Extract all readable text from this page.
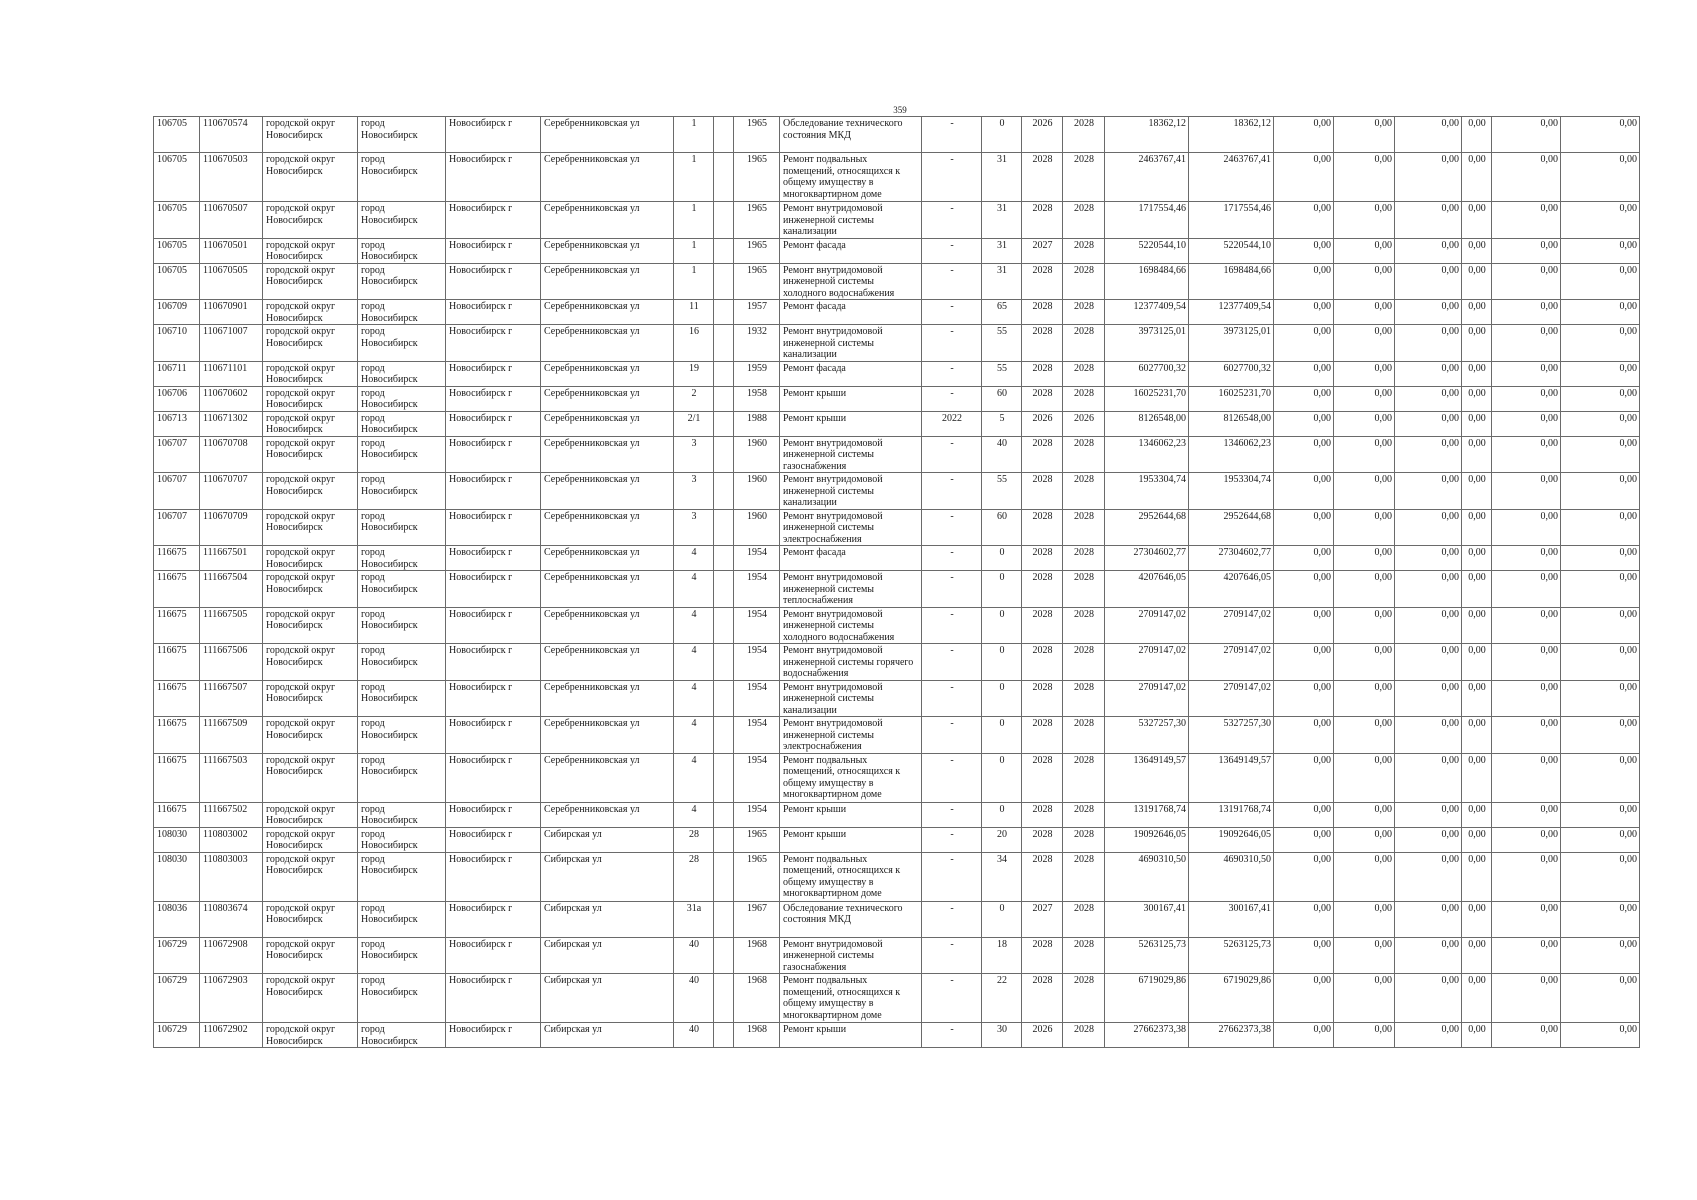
359
106705	110670574	городской округ Новосибирск	город Новосибирск	Новосибирск г	Серебренниковская ул	1		1965	Обследование технического состояния МКД	-	0	2026	2028	18362,12	18362,12	0,00	0,00	0,00	0,00	0,00	0,00
106705	110670503	городской округ Новосибирск	город Новосибирск	Новосибирск г	Серебренниковская ул	1		1965	Ремонт подвальных помещений, относящихся к общему имуществу в многоквартирном доме	-	31	2028	2028	2463767,41	2463767,41	0,00	0,00	0,00	0,00	0,00	0,00
106705	110670507	городской округ Новосибирск	город Новосибирск	Новосибирск г	Серебренниковская ул	1		1965	Ремонт внутридомовой инженерной системы канализации	-	31	2028	2028	1717554,46	1717554,46	0,00	0,00	0,00	0,00	0,00	0,00
106705	110670501	городской округ Новосибирск	город Новосибирск	Новосибирск г	Серебренниковская ул	1		1965	Ремонт фасада	-	31	2027	2028	5220544,10	5220544,10	0,00	0,00	0,00	0,00	0,00	0,00
106705	110670505	городской округ Новосибирск	город Новосибирск	Новосибирск г	Серебренниковская ул	1		1965	Ремонт внутридомовой инженерной системы холодного водоснабжения	-	31	2028	2028	1698484,66	1698484,66	0,00	0,00	0,00	0,00	0,00	0,00
106709	110670901	городской округ Новосибирск	город Новосибирск	Новосибирск г	Серебренниковская ул	11		1957	Ремонт фасада	-	65	2028	2028	12377409,54	12377409,54	0,00	0,00	0,00	0,00	0,00	0,00
106710	110671007	городской округ Новосибирск	город Новосибирск	Новосибирск г	Серебренниковская ул	16		1932	Ремонт внутридомовой инженерной системы канализации	-	55	2028	2028	3973125,01	3973125,01	0,00	0,00	0,00	0,00	0,00	0,00
106711	110671101	городской округ Новосибирск	город Новосибирск	Новосибирск г	Серебренниковская ул	19		1959	Ремонт фасада	-	55	2028	2028	6027700,32	6027700,32	0,00	0,00	0,00	0,00	0,00	0,00
106706	110670602	городской округ Новосибирск	город Новосибирск	Новосибирск г	Серебренниковская ул	2		1958	Ремонт крыши	-	60	2028	2028	16025231,70	16025231,70	0,00	0,00	0,00	0,00	0,00	0,00
106713	110671302	городской округ Новосибирск	город Новосибирск	Новосибирск г	Серебренниковская ул	2/1		1988	Ремонт крыши	2022	5	2026	2026	8126548,00	8126548,00	0,00	0,00	0,00	0,00	0,00	0,00
106707	110670708	городской округ Новосибирск	город Новосибирск	Новосибирск г	Серебренниковская ул	3		1960	Ремонт внутридомовой инженерной системы газоснабжения	-	40	2028	2028	1346062,23	1346062,23	0,00	0,00	0,00	0,00	0,00	0,00
106707	110670707	городской округ Новосибирск	город Новосибирск	Новосибирск г	Серебренниковская ул	3		1960	Ремонт внутридомовой инженерной системы канализации	-	55	2028	2028	1953304,74	1953304,74	0,00	0,00	0,00	0,00	0,00	0,00
106707	110670709	городской округ Новосибирск	город Новосибирск	Новосибирск г	Серебренниковская ул	3		1960	Ремонт внутридомовой инженерной системы электроснабжения	-	60	2028	2028	2952644,68	2952644,68	0,00	0,00	0,00	0,00	0,00	0,00
116675	111667501	городской округ Новосибирск	город Новосибирск	Новосибирск г	Серебренниковская ул	4		1954	Ремонт фасада	-	0	2028	2028	27304602,77	27304602,77	0,00	0,00	0,00	0,00	0,00	0,00
116675	111667504	городской округ Новосибирск	город Новосибирск	Новосибирск г	Серебренниковская ул	4		1954	Ремонт внутридомовой инженерной системы теплоснабжения	-	0	2028	2028	4207646,05	4207646,05	0,00	0,00	0,00	0,00	0,00	0,00
116675	111667505	городской округ Новосибирск	город Новосибирск	Новосибирск г	Серебренниковская ул	4		1954	Ремонт внутридомовой инженерной системы холодного водоснабжения	-	0	2028	2028	2709147,02	2709147,02	0,00	0,00	0,00	0,00	0,00	0,00
116675	111667506	городской округ Новосибирск	город Новосибирск	Новосибирск г	Серебренниковская ул	4		1954	Ремонт внутридомовой инженерной системы горячего водоснабжения	-	0	2028	2028	2709147,02	2709147,02	0,00	0,00	0,00	0,00	0,00	0,00
116675	111667507	городской округ Новосибирск	город Новосибирск	Новосибирск г	Серебренниковская ул	4		1954	Ремонт внутридомовой инженерной системы канализации	-	0	2028	2028	2709147,02	2709147,02	0,00	0,00	0,00	0,00	0,00	0,00
116675	111667509	городской округ Новосибирск	город Новосибирск	Новосибирск г	Серебренниковская ул	4		1954	Ремонт внутридомовой инженерной системы электроснабжения	-	0	2028	2028	5327257,30	5327257,30	0,00	0,00	0,00	0,00	0,00	0,00
116675	111667503	городской округ Новосибирск	город Новосибирск	Новосибирск г	Серебренниковская ул	4		1954	Ремонт подвальных помещений, относящихся к общему имуществу в многоквартирном доме	-	0	2028	2028	13649149,57	13649149,57	0,00	0,00	0,00	0,00	0,00	0,00
116675	111667502	городской округ Новосибирск	город Новосибирск	Новосибирск г	Серебренниковская ул	4		1954	Ремонт крыши	-	0	2028	2028	13191768,74	13191768,74	0,00	0,00	0,00	0,00	0,00	0,00
108030	110803002	городской округ Новосибирск	город Новосибирск	Новосибирск г	Сибирская ул	28		1965	Ремонт крыши	-	20	2028	2028	19092646,05	19092646,05	0,00	0,00	0,00	0,00	0,00	0,00
108030	110803003	городской округ Новосибирск	город Новосибирск	Новосибирск г	Сибирская ул	28		1965	Ремонт подвальных помещений, относящихся к общему имуществу в многоквартирном доме	-	34	2028	2028	4690310,50	4690310,50	0,00	0,00	0,00	0,00	0,00	0,00
108036	110803674	городской округ Новосибирск	город Новосибирск	Новосибирск г	Сибирская ул	31а		1967	Обследование технического состояния МКД	-	0	2027	2028	300167,41	300167,41	0,00	0,00	0,00	0,00	0,00	0,00
106729	110672908	городской округ Новосибирск	город Новосибирск	Новосибирск г	Сибирская ул	40		1968	Ремонт внутридомовой инженерной системы газоснабжения	-	18	2028	2028	5263125,73	5263125,73	0,00	0,00	0,00	0,00	0,00	0,00
106729	110672903	городской округ Новосибирск	город Новосибирск	Новосибирск г	Сибирская ул	40		1968	Ремонт подвальных помещений, относящихся к общему имуществу в многоквартирном доме	-	22	2028	2028	6719029,86	6719029,86	0,00	0,00	0,00	0,00	0,00	0,00
106729	110672902	городской округ Новосибирск	город Новосибирск	Новосибирск г	Сибирская ул	40		1968	Ремонт крыши	-	30	2026	2028	27662373,38	27662373,38	0,00	0,00	0,00	0,00	0,00	0,00
